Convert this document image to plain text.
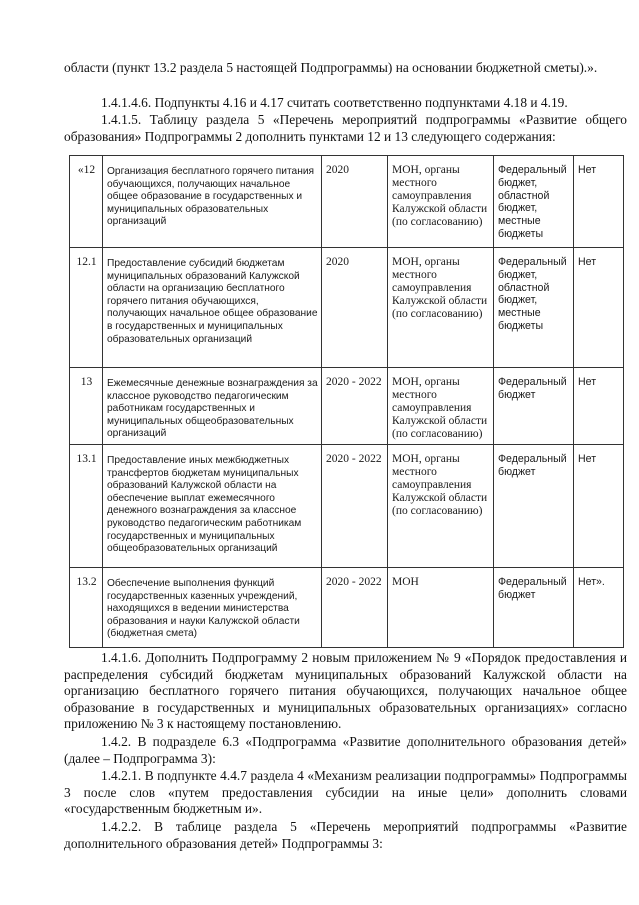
области (пункт 13.2 раздела 5 настоящей Подпрограммы) на основании бюджетной сметы).».

1.4.1.4.6. Подпункты 4.16 и 4.17 считать соответственно подпунктами 4.18 и 4.19.

1.4.1.5. Таблицу раздела 5 «Перечень мероприятий подпрограммы «Развитие общего образования» Подпрограммы 2 дополнить пунктами 12 и 13 следующего содержания:

«12	Организация бесплатного горячего питания обучающихся, получающих начальное общее образование в государственных и муниципальных образовательных организаций	2020	МОН, органы местного самоуправления Калужской области (по согласованию)	Федеральный бюджет, областной бюджет, местные бюджеты	Нет
12.1	Предоставление субсидий бюджетам муниципальных образований Калужской области на организацию бесплатного горячего питания обучающихся, получающих начальное общее образование в государственных и муниципальных образовательных организаций	2020	МОН, органы местного самоуправления Калужской области (по согласованию)	Федеральный бюджет, областной бюджет, местные бюджеты	Нет
13	Ежемесячные денежные вознаграждения за классное руководство педагогическим работникам государственных и муниципальных общеобразовательных организаций	2020 - 2022	МОН, органы местного самоуправления Калужской области (по согласованию)	Федеральный бюджет	Нет
13.1	Предоставление иных межбюджетных трансфертов бюджетам муниципальных образований Калужской области на обеспечение выплат ежемесячного денежного вознаграждения за классное руководство педагогическим работникам государственных и муниципальных общеобразовательных организаций	2020 - 2022	МОН, органы местного самоуправления Калужской области (по согласованию)	Федеральный бюджет	Нет
13.2	Обеспечение выполнения функций государственных казенных учреждений, находящихся в ведении министерства образования и науки Калужской области (бюджетная смета)	2020 - 2022	МОН	Федеральный бюджет	Нет».

1.4.1.6. Дополнить Подпрограмму 2 новым приложением № 9 «Порядок предоставления и распределения субсидий бюджетам муниципальных образований Калужской области на организацию бесплатного горячего питания обучающихся, получающих начальное общее образование в государственных и муниципальных образовательных организациях» согласно приложению № 3 к настоящему постановлению.

1.4.2. В подразделе 6.3 «Подпрограмма «Развитие дополнительного образования детей» (далее – Подпрограмма 3):

1.4.2.1. В подпункте 4.4.7 раздела 4 «Механизм реализации подпрограммы» Подпрограммы 3 после слов «путем предоставления субсидии на иные цели» дополнить словами «государственным бюджетным и».

1.4.2.2. В таблице раздела 5 «Перечень мероприятий подпрограммы «Развитие дополнительного образования детей» Подпрограммы 3:
